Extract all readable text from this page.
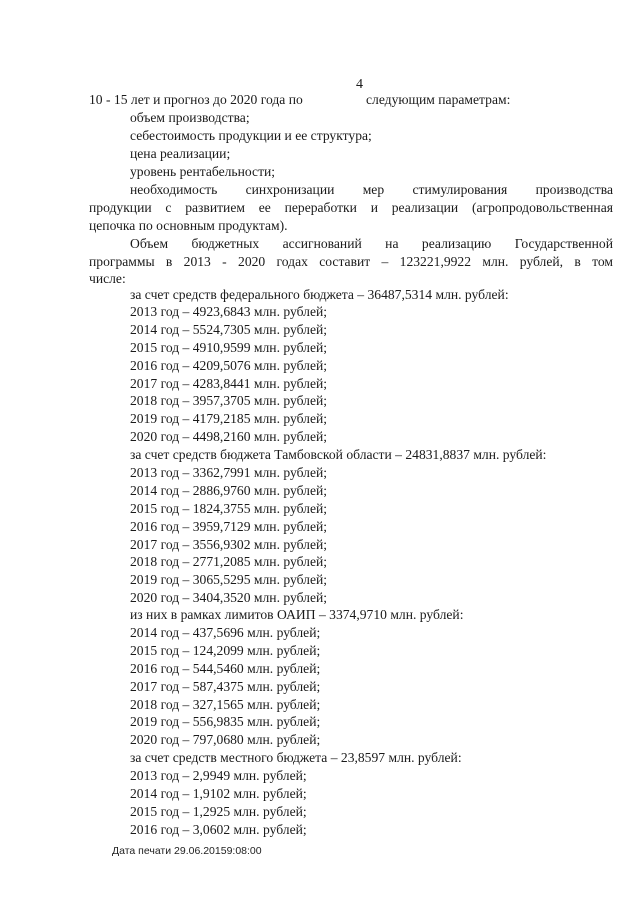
4
10 - 15 лет и прогноз до 2020 года по	следующим параметрам:
объем производства;
себестоимость продукции и ее структура;
цена реализации;
уровень рентабельности;
необходимость синхронизации мер стимулирования производства
продукции с развитием ее переработки и реализации (агропродовольственная
цепочка по основным продуктам).
Объем бюджетных ассигнований на реализацию Государственной
программы в 2013 - 2020 годах составит – 123221,9922 млн. рублей, в том
числе:
за счет средств федерального бюджета – 36487,5314 млн. рублей:
2013 год – 4923,6843 млн. рублей;
2014 год – 5524,7305 млн. рублей;
2015 год – 4910,9599 млн. рублей;
2016 год – 4209,5076 млн. рублей;
2017 год – 4283,8441 млн. рублей;
2018 год – 3957,3705 млн. рублей;
2019 год – 4179,2185 млн. рублей;
2020 год – 4498,2160 млн. рублей;
за счет средств бюджета Тамбовской области – 24831,8837 млн. рублей:
2013 год – 3362,7991 млн. рублей;
2014 год – 2886,9760 млн. рублей;
2015 год – 1824,3755 млн. рублей;
2016 год – 3959,7129 млн. рублей;
2017 год – 3556,9302 млн. рублей;
2018 год – 2771,2085 млн. рублей;
2019 год – 3065,5295 млн. рублей;
2020 год – 3404,3520 млн. рублей;
из них в рамках лимитов ОАИП – 3374,9710 млн. рублей:
2014 год – 437,5696 млн. рублей;
2015 год – 124,2099 млн. рублей;
2016 год – 544,5460 млн. рублей;
2017 год – 587,4375 млн. рублей;
2018 год – 327,1565 млн. рублей;
2019 год – 556,9835 млн. рублей;
2020 год – 797,0680 млн. рублей;
за счет средств местного бюджета – 23,8597 млн. рублей:
2013 год – 2,9949 млн. рублей;
2014 год – 1,9102 млн. рублей;
2015 год – 1,2925 млн. рублей;
2016 год – 3,0602 млн. рублей;
Дата печати 29.06.20159:08:00
